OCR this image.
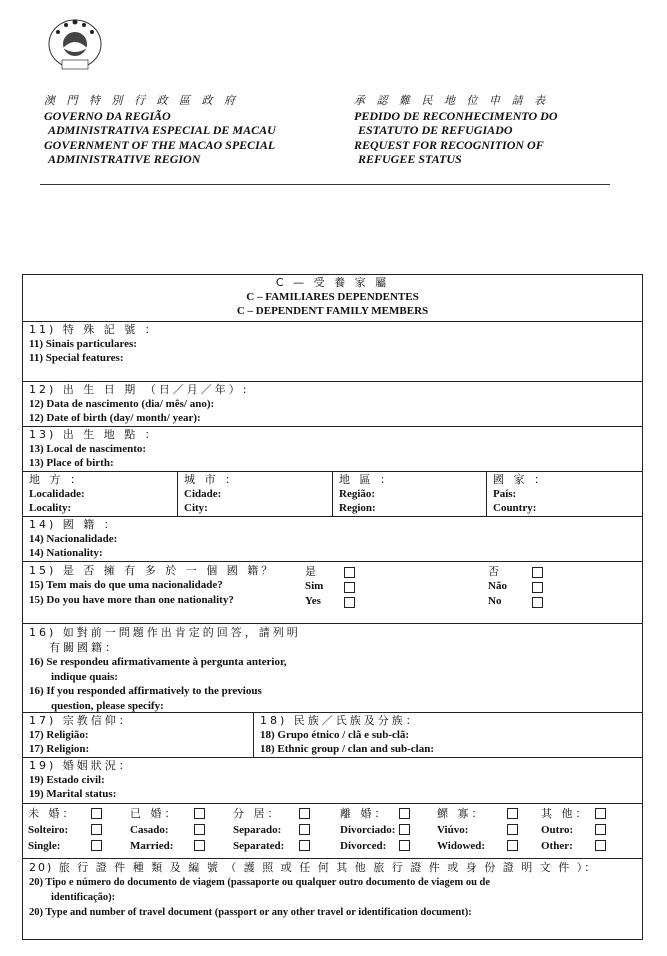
澳 門 特 別 行 政 區 政 府
GOVERNO DA REGIÃO
ADMINISTRATIVA ESPECIAL DE MACAU
GOVERNMENT OF THE MACAO SPECIAL
ADMINISTRATIVE REGION
承 認 難 民 地 位 申 請 表
PEDIDO DE RECONHECIMENTO DO
ESTATUTO DE REFUGIADO
REQUEST FOR RECOGNITION OF
REFUGEE STATUS
C — 受 養 家 屬
C – FAMILIARES DEPENDENTES
C – DEPENDENT FAMILY MEMBERS
11) 特 殊 記 號 ：
11) Sinais particulares:
11) Special features:
12) 出 生 日 期 （日／月／年）:
12) Data de nascimento (dia/ mês/ ano):
12) Date of birth (day/ month/ year):
13) 出 生 地 點 ：
13) Local de nascimento:
13) Place of birth:
地 方 ：
Localidade:
Locality:
城 市 ：
Cidade:
City:
地 區 ：
Região:
Region:
國 家 ：
País:
Country:
14) 國 籍 ：
14) Nacionalidade:
14) Nationality:
15) 是 否 擁 有 多 於 一 個 國 籍？
15) Tem mais do que uma nacionalidade?
15) Do you have more than one nationality?
是
Sim
Yes
否
Não
No
16) 如對前一問題作出肯定的回答，請列明
有關國籍：
16) Se respondeu afirmativamente à pergunta anterior,
indique quais:
16) If you responded affirmatively to the previous
question, please specify:
17) 宗教信仰：
17) Religião:
17) Religion:
18) 民族／氏族及分族：
18) Grupo étnico / clã e sub-clã:
18) Ethnic group / clan and sub-clan:
19) 婚姻狀況：
19) Estado civil:
19) Marital status:
未 婚：
Solteiro:
Single:
已 婚：
Casado:
Married:
分 居：
Separado:
Separated:
離 婚：
Divorciado:
Divorced:
鰥 寡：
Viúvo:
Widowed:
其 他：
Outro:
Other:
20) 旅 行 證 件 種 類 及 編 號 （ 護 照 或 任 何 其 他 旅 行 證 件 或 身 份 證 明 文 件 ）：
20) Tipo e número do documento de viagem (passaporte ou qualquer outro documento de viagem ou de
identificação):
20) Type and number of travel document (passport or any other travel or identification document):
